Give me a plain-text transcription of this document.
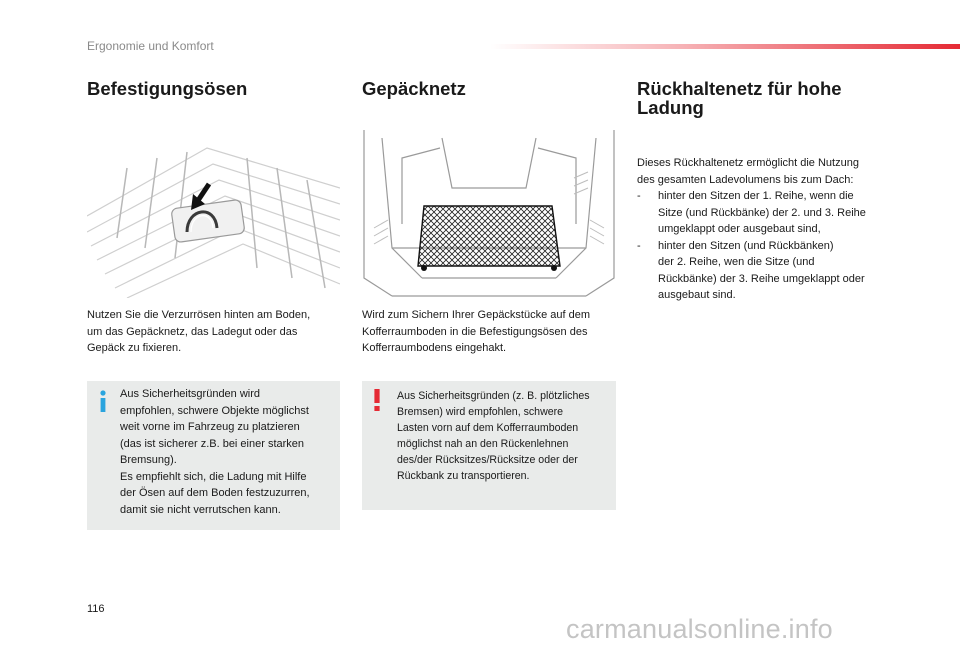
Ergonomie und Komfort
Befestigungsösen
Nutzen Sie die Verzurrösen hinten am Boden,
um das Gepäcknetz, das Ladegut oder das
Gepäck zu fixieren.
Aus Sicherheitsgründen wird
empfohlen, schwere Objekte möglichst
weit vorne im Fahrzeug zu platzieren
(das ist sicherer z.B. bei einer starken
Bremsung).
Es empfiehlt sich, die Ladung mit Hilfe
der Ösen auf dem Boden festzuzurren,
damit sie nicht verrutschen kann.
Gepäcknetz
Wird zum Sichern Ihrer Gepäckstücke auf dem
Kofferraumboden in die Befestigungsösen des
Kofferraumbodens eingehakt.
Aus Sicherheitsgründen (z. B. plötzliches
Bremsen) wird empfohlen, schwere
Lasten vorn auf dem Kofferraumboden
möglichst nah an den Rückenlehnen
des/der Rücksitzes/Rücksitze oder der
Rückbank zu transportieren.
Rückhaltenetz für hohe
Ladung
Dieses Rückhaltenetz ermöglicht die Nutzung
des gesamten Ladevolumens bis zum Dach:
-	hinter den Sitzen der 1. Reihe, wenn die
Sitze (und Rückbänke) der 2. und 3. Reihe
umgeklappt oder ausgebaut sind,
-	hinter den Sitzen (und Rückbänken)
der 2. Reihe, wen die Sitze (und
Rückbänke) der 3. Reihe umgeklappt oder
ausgebaut sind.
116
carmanualsonline.info
